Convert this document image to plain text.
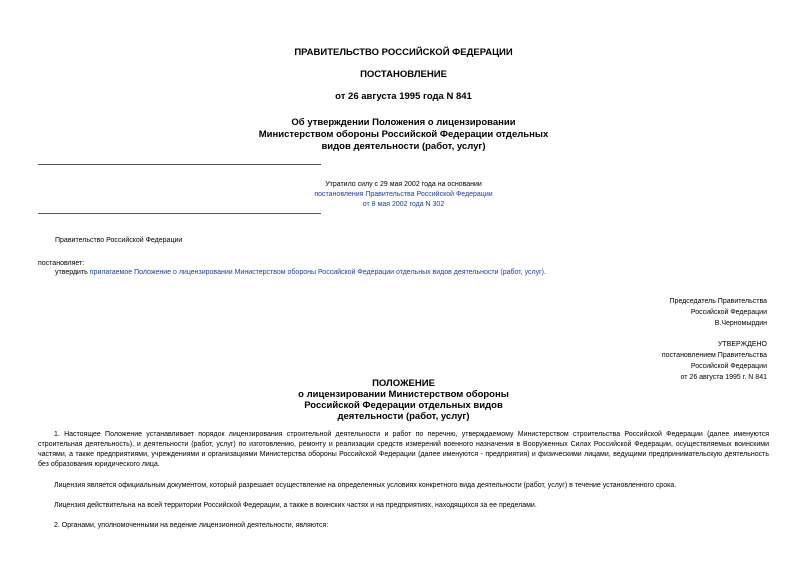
ПРАВИТЕЛЬСТВО РОССИЙСКОЙ ФЕДЕРАЦИИ
ПОСТАНОВЛЕНИЕ
от 26 августа 1995 года N 841
Об утверждении Положения о лицензировании
Министерством обороны Российской Федерации отдельных
видов деятельности (работ, услуг)
Утратило силу с 29 мая 2002 года на основании
постановления Правительства Российской Федерации
от 8 мая 2002 года N 302
Правительство Российской Федерации
постановляет:
утвердить прилагаемое Положение о лицензировании Министерством обороны Российской Федерации отдельных видов деятельности (работ, услуг).
Председатель Правительства
Российской Федерации
В.Черномырдин
УТВЕРЖДЕНО
постановлением Правительства
Российской Федерации
от 26 августа 1995 г. N 841
ПОЛОЖЕНИЕ
о лицензировании Министерством обороны
Российской Федерации отдельных видов
деятельности (работ, услуг)
1. Настоящее Положение устанавливает порядок лицензирования строительной деятельности и работ по перечню, утверждаемому Министерством строительства Российской Федерации (далее именуются строительная деятельность), и деятельности (работ, услуг) по изготовлению, ремонту и реализации средств измерений военного назначения в Вооруженных Силах Российской Федерации, осуществляемых воинскими частями, а также предприятиями, учреждениями и организациями Министерства обороны Российской Федерации (далее именуются - предприятия) и физическими лицами, ведущими предпринимательскую деятельность без образования юридического лица.
Лицензия является официальным документом, который разрешает осуществление на определенных условиях конкретного вида деятельности (работ, услуг) в течение установленного срока.
Лицензия действительна на всей территории Российской Федерации, а также в воинских частях и на предприятиях, находящихся за ее пределами.
2. Органами, уполномоченными на ведение лицензионной деятельности, являются:
